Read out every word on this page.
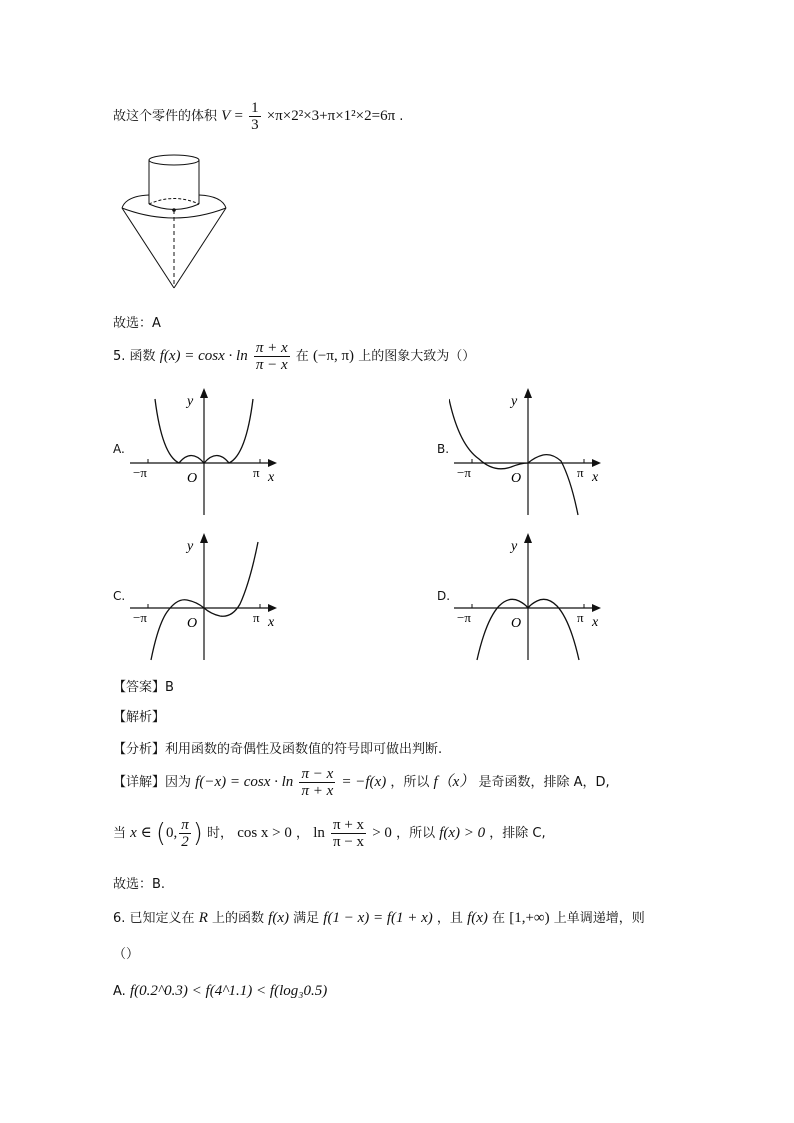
故这个零件的体积 $V = \frac{1}{3} \times\pi\times 2^2\times 3+\pi\times 1^2\times 2=6\pi$ .
故选：A
5. 函数 $f(x) = \cos x \cdot \ln \frac{\pi + x}{\pi - x}$ 在 (−π, π) 上的图象大致为（）
A.
y
x
O
−π	π
B.
y
x
O
−π	π
C.
y
x
O
−π	π
D.
y
x
O
−π	π
【答案】B
【解析】
【分析】利用函数的奇偶性及函数值的符号即可做出判断.
【详解】因为 $f(-x) = \cos x \cdot \ln \frac{\pi - x}{\pi + x} = -f(x)$ ，所以 f（x） 是奇函数，排除 A，D,
当 x ∈ (0, $\frac{\pi}{2}$ ) 时， cos x > 0 ， $\ln \frac{\pi + x}{\pi - x} > 0$ ，所以 f(x) > 0 ，排除 C,
故选：B.
6. 已知定义在 R 上的函数 f(x) 满足 f(1 − x) = f(1 + x) ，且 f(x) 在 [1,+∞) 上单调递增，则
（）
A. f(0.2^0.3) < f(4^1.1) < f(log₃0.5)
